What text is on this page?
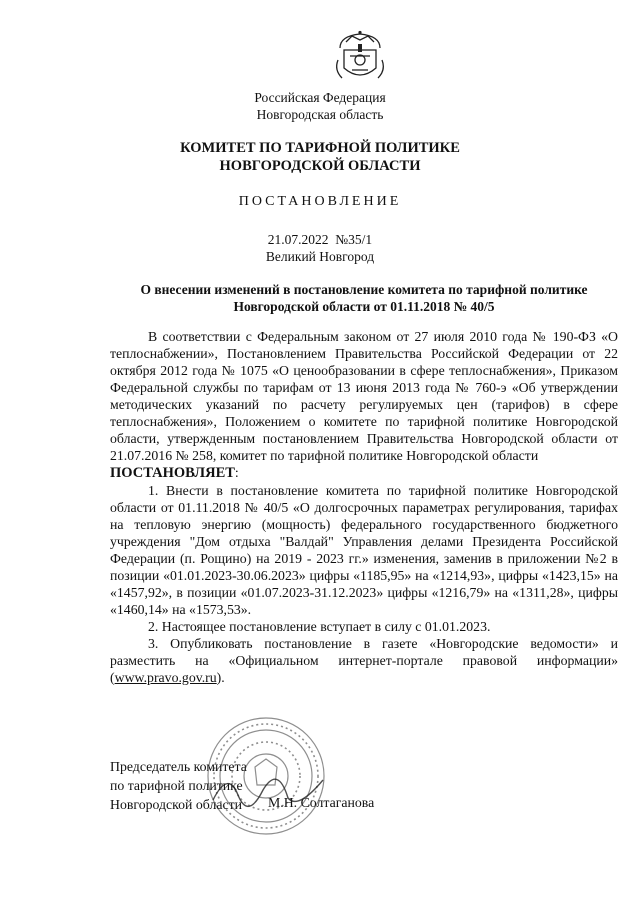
Российская Федерация
Новгородская область
КОМИТЕТ ПО ТАРИФНОЙ ПОЛИТИКЕ
НОВГОРОДСКОЙ ОБЛАСТИ
ПОСТАНОВЛЕНИЕ
21.07.2022  №35/1
Великий Новгород
О внесении изменений в постановление комитета по тарифной политике
Новгородской области от 01.11.2018 № 40/5

В соответствии с Федеральным законом от 27 июля 2010 года № 190-ФЗ «О теплоснабжении», Постановлением Правительства Российской Федерации от 22 октября 2012 года № 1075 «О ценообразовании в сфере теплоснабжения», Приказом Федеральной службы по тарифам от 13 июня 2013 года № 760-э «Об утверждении методических указаний по расчету регулируемых цен (тарифов) в сфере теплоснабжения», Положением о комитете по тарифной политике Новгородской области, утвержденным постановлением Правительства Новгородской области от 21.07.2016 № 258, комитет по тарифной политике Новгородской области

ПОСТАНОВЛЯЕТ:

1. Внести в постановление комитета по тарифной политике Новгородской области от 01.11.2018 № 40/5 «О долгосрочных параметрах регулирования, тарифах на тепловую энергию (мощность) федерального государственного бюджетного учреждения "Дом отдыха "Валдай" Управления делами Президента Российской Федерации (п. Рощино) на 2019 - 2023 гг.» изменения, заменив в приложении №2 в позиции «01.01.2023-30.06.2023» цифры «1185,95» на «1214,93», цифры «1423,15» на «1457,92», в позиции «01.07.2023-31.12.2023» цифры «1216,79» на «1311,28», цифры «1460,14» на «1573,53».

2. Настоящее постановление вступает в силу с 01.01.2023.

3. Опубликовать постановление в газете «Новгородские ведомости» и разместить на «Официальном интернет-портале правовой информации» (www.pravo.gov.ru).

Председатель комитета
по тарифной политике
Новгородской области	М.Н. Солтаганова
